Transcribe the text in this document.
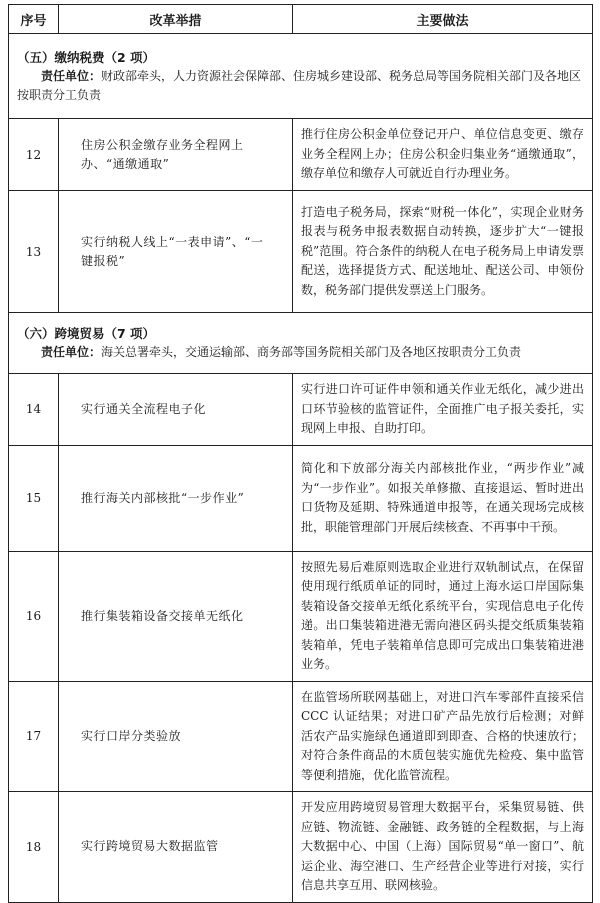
序号	改革举措	主要做法

（五）缴纳税费（2 项）
责任单位：财政部牵头，人力资源社会保障部、住房城乡建设部、税务总局等国务院相关部门及各地区按职责分工负责		

12	住房公积金缴存业务全程网上办、“通缴通取”	推行住房公积金单位登记开户、单位信息变更、缴存业务全程网上办；住房公积金归集业务“通缴通取”，缴存单位和缴存人可就近自行办理业务。
13	实行纳税人线上“一表申请”、“一键报税”	打造电子税务局，探索“财税一体化”，实现企业财务报表与税务申报表数据自动转换，逐步扩大“一键报税”范围。符合条件的纳税人在电子税务局上申请发票配送，选择提货方式、配送地址、配送公司、申领份数，税务部门提供发票送上门服务。

（六）跨境贸易（7 项）
责任单位：海关总署牵头，交通运输部、商务部等国务院相关部门及各地区按职责分工负责		

14	实行通关全流程电子化	实行进口许可证件申领和通关作业无纸化，减少进出口环节验核的监管证件，全面推广电子报关委托，实现网上申报、自助打印。
15	推行海关内部核批“一步作业”	简化和下放部分海关内部核批作业，“两步作业”减为“一步作业”。如报关单修撤、直接退运、暂时进出口货物及延期、特殊通道申报等，在通关现场完成核批，职能管理部门开展后续核查、不再事中干预。
16	推行集装箱设备交接单无纸化	按照先易后难原则选取企业进行双轨制试点，在保留使用现行纸质单证的同时，通过上海水运口岸国际集装箱设备交接单无纸化系统平台，实现信息电子化传递。出口集装箱进港无需向港区码头提交纸质集装箱装箱单，凭电子装箱单信息即可完成出口集装箱进港业务。
17	实行口岸分类验放	在监管场所联网基础上，对进口汽车零部件直接采信 CCC 认证结果；对进口矿产品先放行后检测；对鲜活农产品实施绿色通道即到即查、合格的快速放行；对符合条件商品的木质包装实施优先检疫、集中监管等便利措施，优化监管流程。
18	实行跨境贸易大数据监管	开发应用跨境贸易管理大数据平台，采集贸易链、供应链、物流链、金融链、政务链的全程数据，与上海大数据中心、中国（上海）国际贸易“单一窗口”、航运企业、海空港口、生产经营企业等进行对接，实行信息共享互用、联网核验。
